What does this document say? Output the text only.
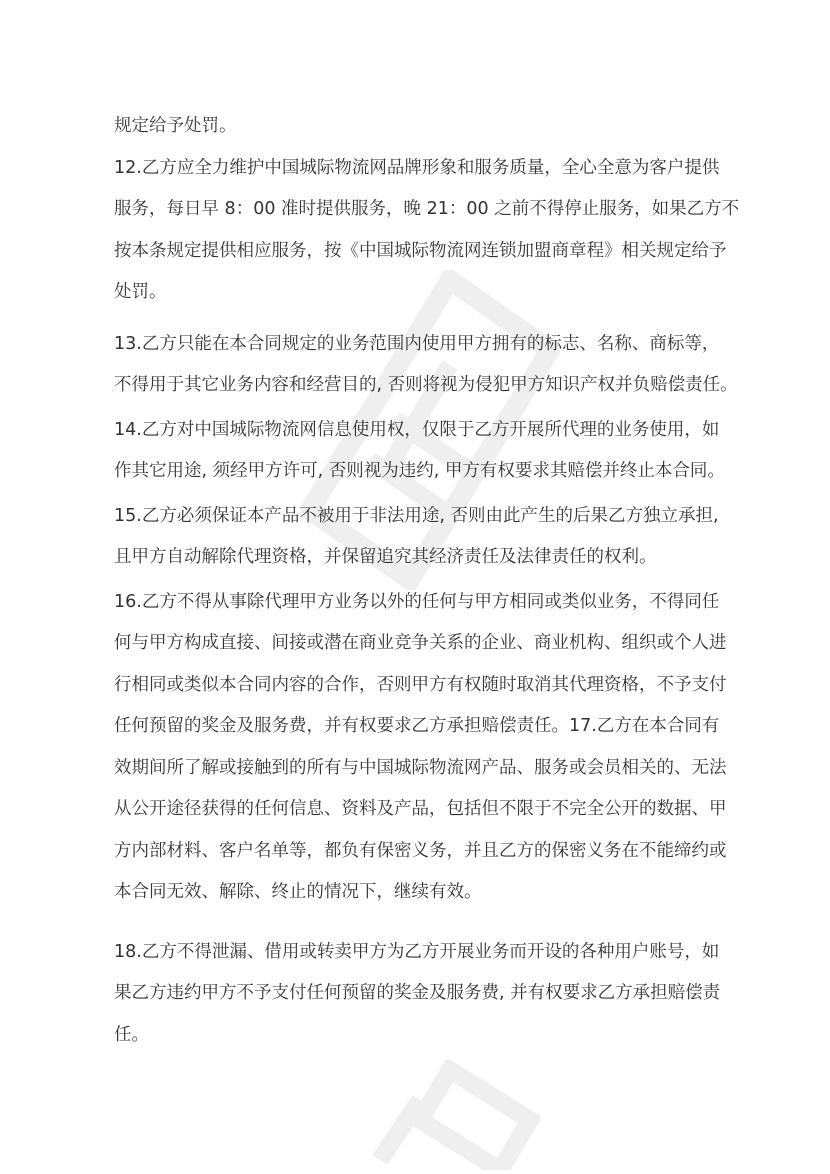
规定给予处罚。
12.乙方应全力维护中国城际物流网品牌形象和服务质量，全心全意为客户提供
服务，每日早 8：00 准时提供服务，晚 21：00 之前不得停止服务，如果乙方不
按本条规定提供相应服务，按《中国城际物流网连锁加盟商章程》相关规定给予
处罚。
13.乙方只能在本合同规定的业务范围内使用甲方拥有的标志、名称、商标等，
不得用于其它业务内容和经营目的, 否则将视为侵犯甲方知识产权并负赔偿责任。
14.乙方对中国城际物流网信息使用权，仅限于乙方开展所代理的业务使用，如
作其它用途, 须经甲方许可, 否则视为违约, 甲方有权要求其赔偿并终止本合同。
15.乙方必须保证本产品不被用于非法用途, 否则由此产生的后果乙方独立承担,
且甲方自动解除代理资格，并保留追究其经济责任及法律责任的权利。
16.乙方不得从事除代理甲方业务以外的任何与甲方相同或类似业务，不得同任
何与甲方构成直接、间接或潜在商业竞争关系的企业、商业机构、组织或个人进
行相同或类似本合同内容的合作，否则甲方有权随时取消其代理资格，不予支付
任何预留的奖金及服务费，并有权要求乙方承担赔偿责任。17.乙方在本合同有
效期间所了解或接触到的所有与中国城际物流网产品、服务或会员相关的、无法
从公开途径获得的任何信息、资料及产品，包括但不限于不完全公开的数据、甲
方内部材料、客户名单等，都负有保密义务，并且乙方的保密义务在不能缔约或
本合同无效、解除、终止的情况下，继续有效。
18.乙方不得泄漏、借用或转卖甲方为乙方开展业务而开设的各种用户账号，如
果乙方违约甲方不予支付任何预留的奖金及服务费, 并有权要求乙方承担赔偿责
任。
